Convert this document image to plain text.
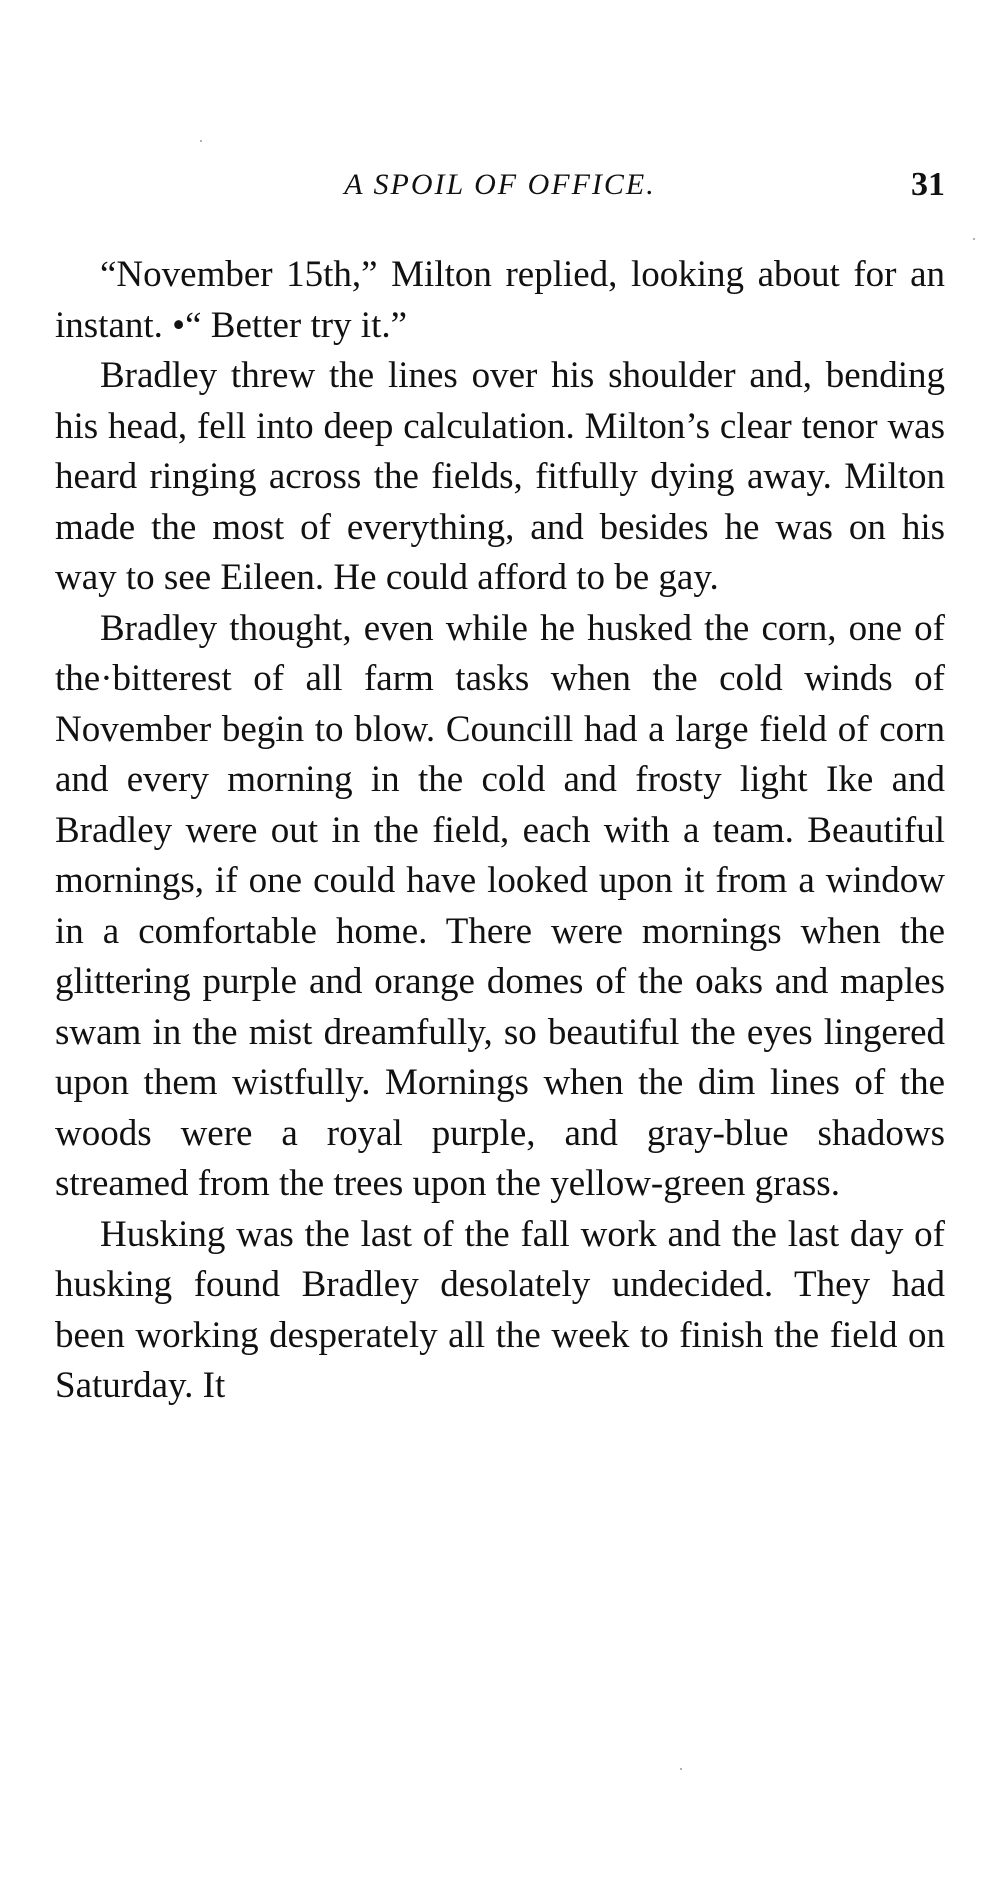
A SPOIL OF OFFICE.	31

“November 15th,” Milton replied, looking about for an instant. •“ Better try it.”

Bradley threw the lines over his shoulder and, bending his head, fell into deep calculation. Milton’s clear tenor was heard ringing across the fields, fitfully dying away. Milton made the most of everything, and besides he was on his way to see Eileen. He could afford to be gay.

Bradley thought, even while he husked the corn, one of the·bitterest of all farm tasks when the cold winds of November begin to blow. Councill had a large field of corn and every morning in the cold and frosty light Ike and Bradley were out in the field, each with a team. Beautiful mornings, if one could have looked upon it from a window in a comfortable home. There were mornings when the glittering purple and orange domes of the oaks and maples swam in the mist dreamfully, so beautiful the eyes lingered upon them wistfully. Mornings when the dim lines of the woods were a royal purple, and gray-blue shadows streamed from the trees upon the yellow-green grass.

Husking was the last of the fall work and the last day of husking found Bradley desolately undecided. They had been working desperately all the week to finish the field on Saturday. It
